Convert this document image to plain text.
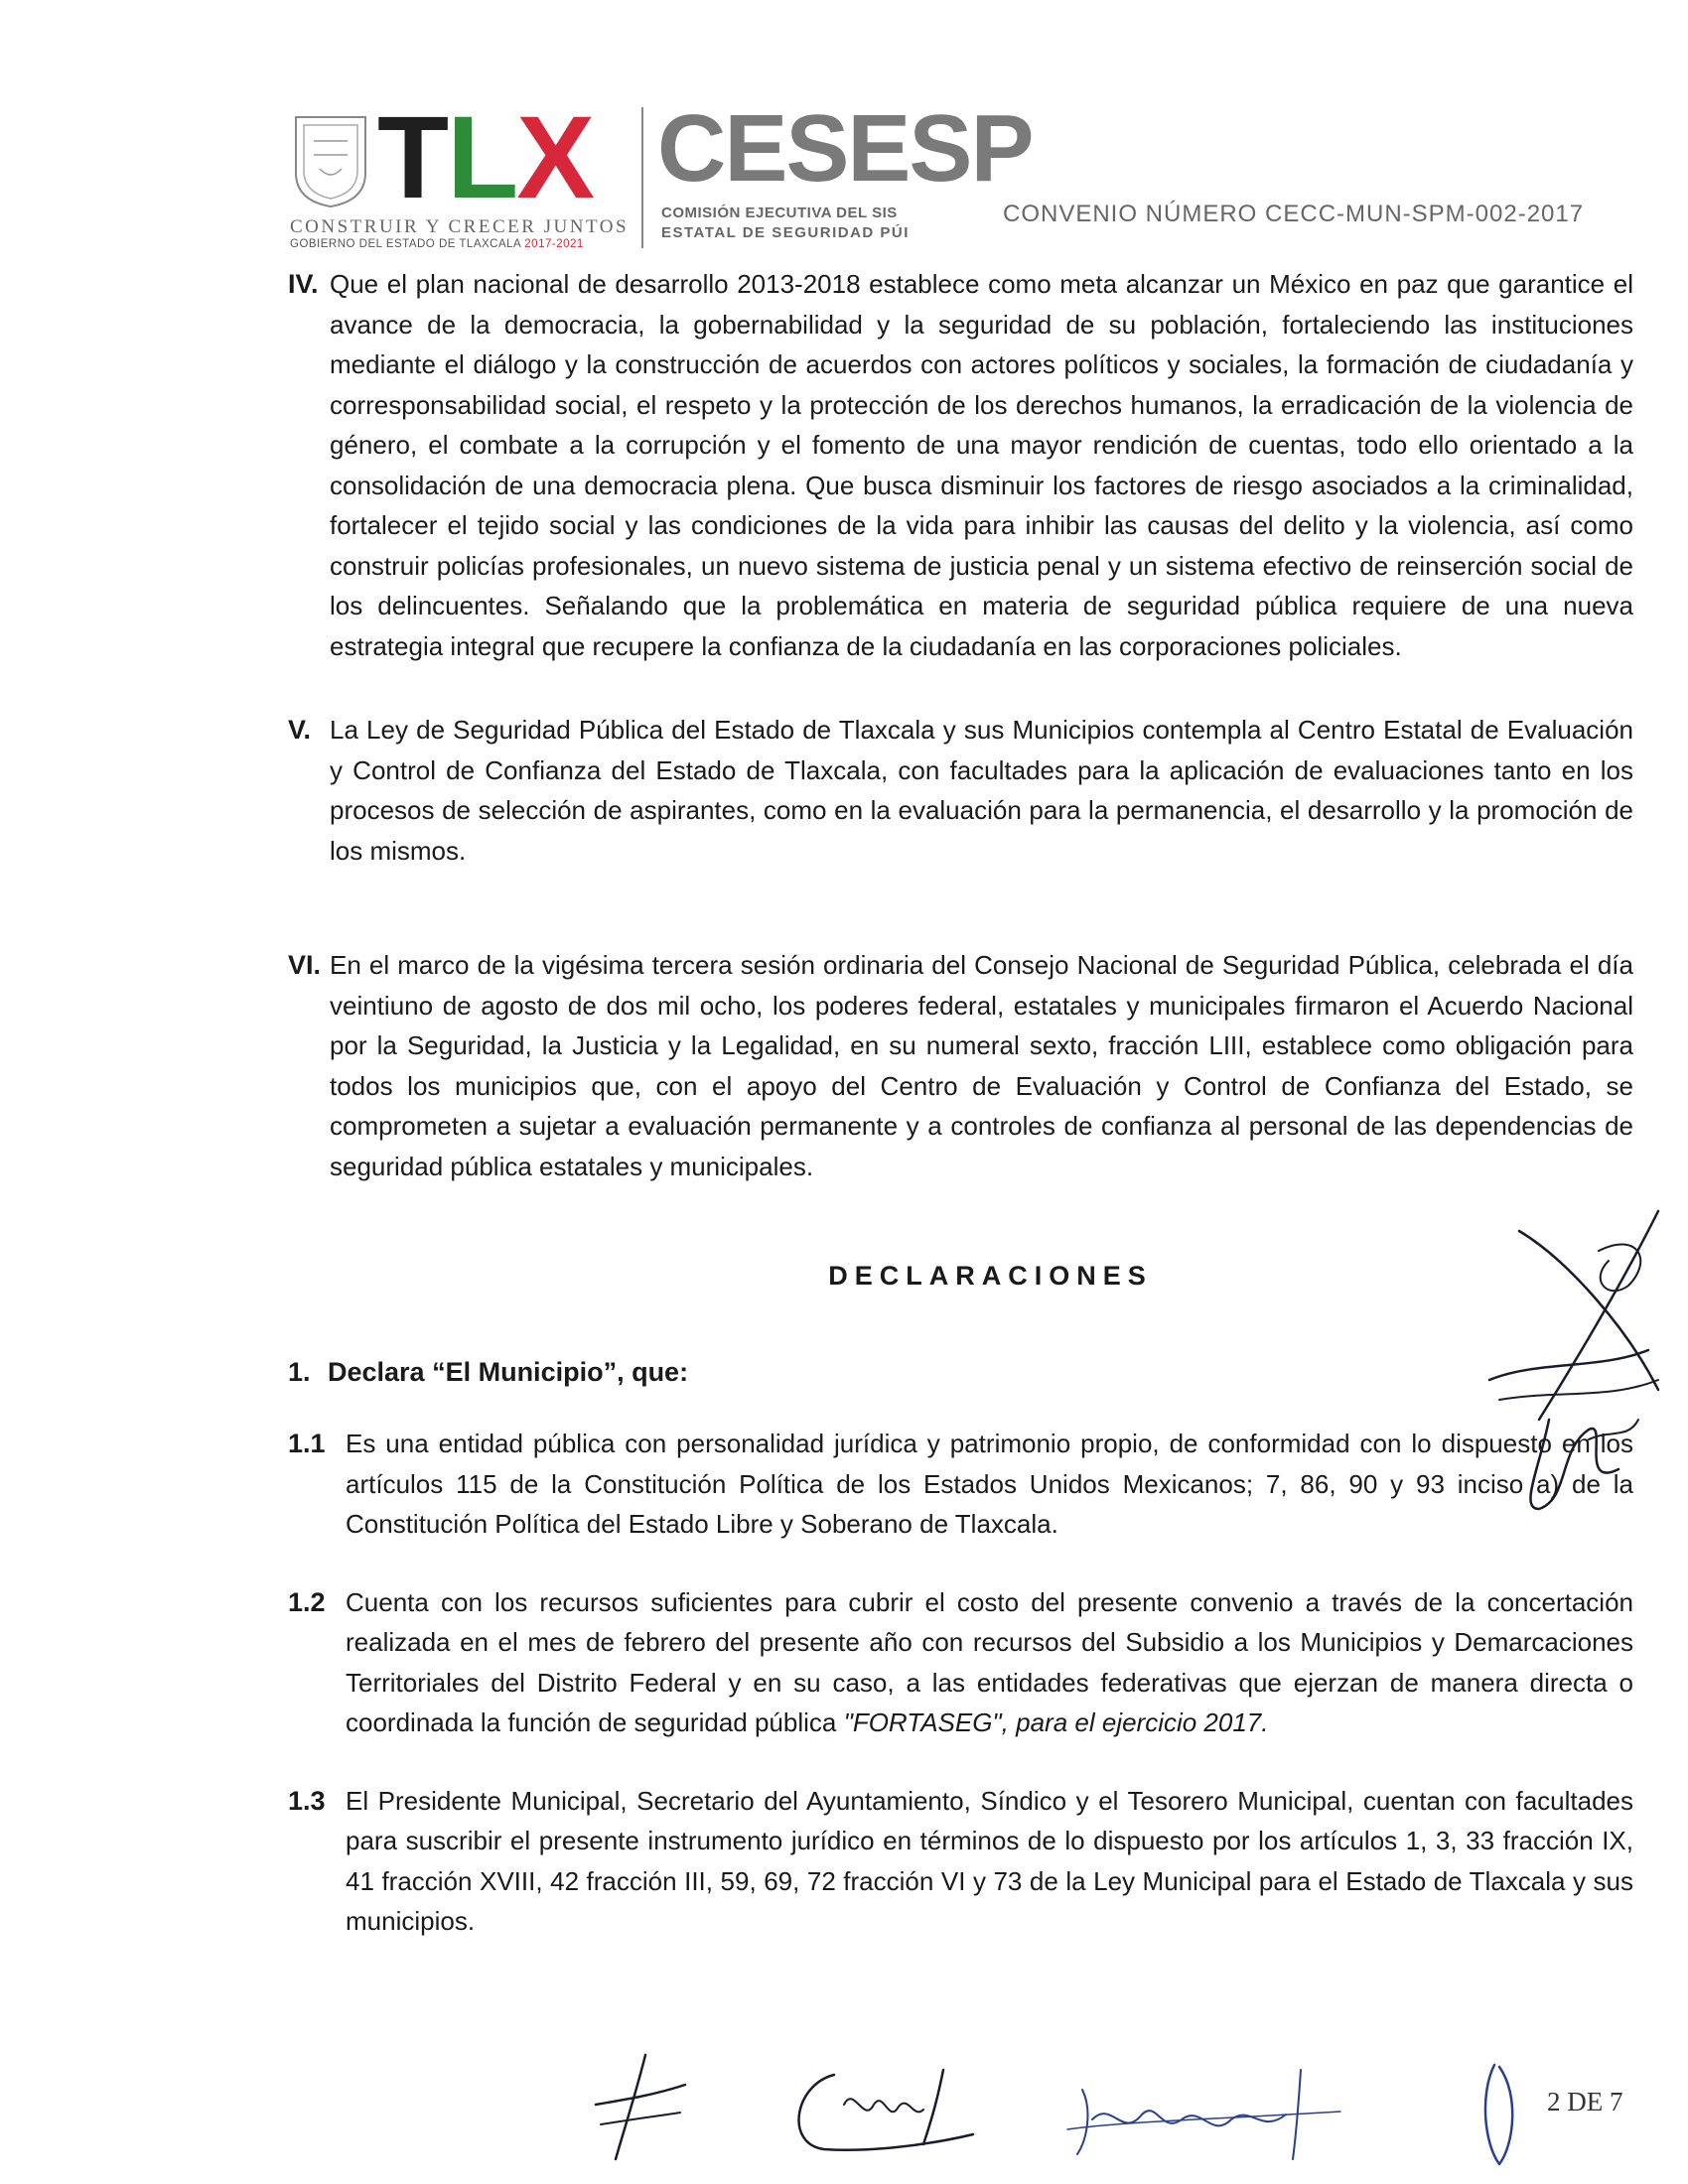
TLX
CONSTRUIR Y CRECER JUNTOS
GOBIERNO DEL ESTADO DE TLAXCALA 2017-2021
CESESP
COMISIÓN EJECUTIVA DEL SIS
ESTATAL DE SEGURIDAD PÚI
CONVENIO NÚMERO CECC-MUN-SPM-002-2017
IV. Que el plan nacional de desarrollo 2013-2018 establece como meta alcanzar un México en paz que garantice el avance de la democracia, la gobernabilidad y la seguridad de su población, fortaleciendo las instituciones mediante el diálogo y la construcción de acuerdos con actores políticos y sociales, la formación de ciudadanía y corresponsabilidad social, el respeto y la protección de los derechos humanos, la erradicación de la violencia de género, el combate a la corrupción y el fomento de una mayor rendición de cuentas, todo ello orientado a la consolidación de una democracia plena. Que busca disminuir los factores de riesgo asociados a la criminalidad, fortalecer el tejido social y las condiciones de la vida para inhibir las causas del delito y la violencia, así como construir policías profesionales, un nuevo sistema de justicia penal y un sistema efectivo de reinserción social de los delincuentes. Señalando que la problemática en materia de seguridad pública requiere de una nueva estrategia integral que recupere la confianza de la ciudadanía en las corporaciones policiales.
V. La Ley de Seguridad Pública del Estado de Tlaxcala y sus Municipios contempla al Centro Estatal de Evaluación y Control de Confianza del Estado de Tlaxcala, con facultades para la aplicación de evaluaciones tanto en los procesos de selección de aspirantes, como en la evaluación para la permanencia, el desarrollo y la promoción de los mismos.
VI. En el marco de la vigésima tercera sesión ordinaria del Consejo Nacional de Seguridad Pública, celebrada el día veintiuno de agosto de dos mil ocho, los poderes federal, estatales y municipales firmaron el Acuerdo Nacional por la Seguridad, la Justicia y la Legalidad, en su numeral sexto, fracción LIII, establece como obligación para todos los municipios que, con el apoyo del Centro de Evaluación y Control de Confianza del Estado, se comprometen a sujetar a evaluación permanente y a controles de confianza al personal de las dependencias de seguridad pública estatales y municipales.
DECLARACIONES
1. Declara “El Municipio”, que:
1.1 Es una entidad pública con personalidad jurídica y patrimonio propio, de conformidad con lo dispuesto en los artículos 115 de la Constitución Política de los Estados Unidos Mexicanos; 7, 86, 90 y 93 inciso a) de la Constitución Política del Estado Libre y Soberano de Tlaxcala.
1.2 Cuenta con los recursos suficientes para cubrir el costo del presente convenio a través de la concertación realizada en el mes de febrero del presente año con recursos del Subsidio a los Municipios y Demarcaciones Territoriales del Distrito Federal y en su caso, a las entidades federativas que ejerzan de manera directa o coordinada la función de seguridad pública "FORTASEG", para el ejercicio 2017.
1.3 El Presidente Municipal, Secretario del Ayuntamiento, Síndico y el Tesorero Municipal, cuentan con facultades para suscribir el presente instrumento jurídico en términos de lo dispuesto por los artículos 1, 3, 33 fracción IX, 41 fracción XVIII, 42 fracción III, 59, 69, 72 fracción VI y 73 de la Ley Municipal para el Estado de Tlaxcala y sus municipios.
2 DE 7
